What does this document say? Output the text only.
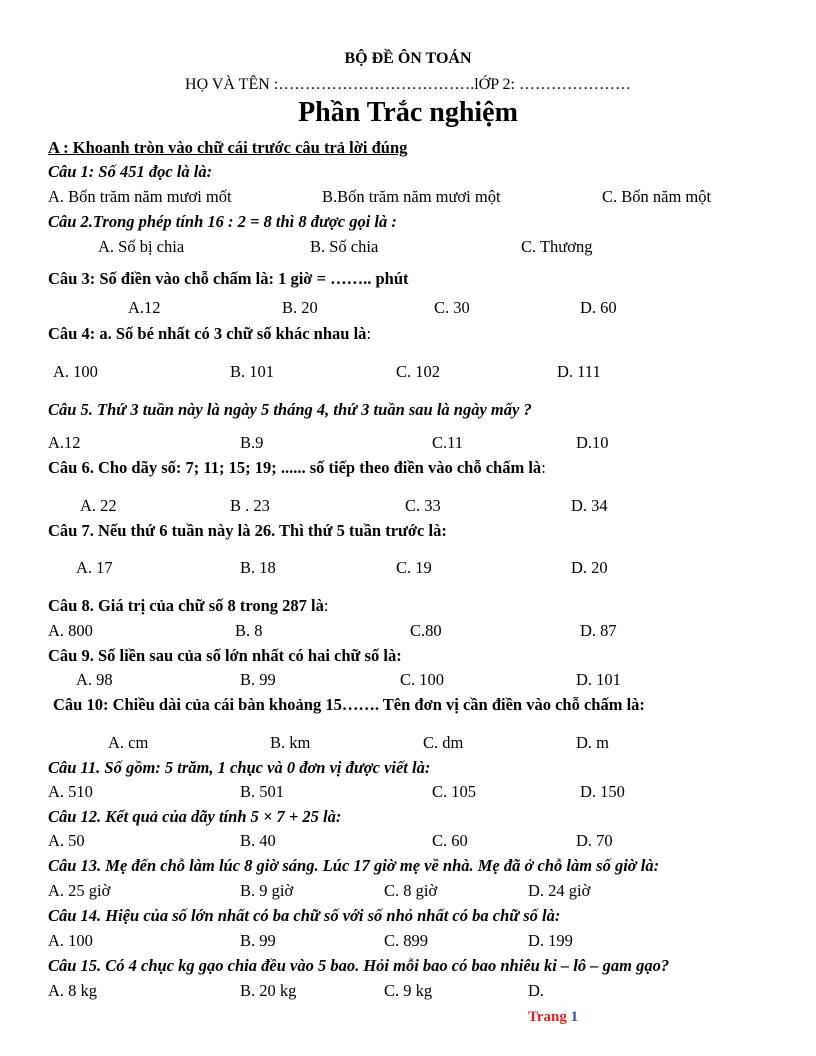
BỘ ĐỀ ÔN TOÁN
HỌ VÀ TÊN :……………………………….lỚP 2: …………………
Phần Trắc nghiệm
A : Khoanh tròn vào chữ cái trước câu trả lời đúng
Câu 1: Số 451 đọc là là:
A. Bốn trăm năm mươi mốt	B.Bốn trăm năm mươi một	C. Bốn năm một
Câu 2.Trong phép tính 16 : 2 = 8 thì 8 được gọi là :
A. Số bị chia	B. Số chia	C. Thương
Câu 3: Số điền vào chỗ chấm là: 1 giờ = …….. phút
A.12	B. 20	C. 30	D. 60
Câu 4: a. Số bé nhất có 3 chữ số khác nhau là:
A. 100	B. 101	C. 102	D. 111
Câu 5. Thứ 3 tuần này là ngày 5 tháng 4, thứ 3 tuần sau là ngày mấy ?
A.12	B.9	C.11	D.10
Câu 6. Cho dãy số: 7; 11; 15; 19; ...... số tiếp theo điền vào chỗ chấm là:
A. 22	B . 23	C. 33	D. 34
Câu 7. Nếu thứ 6 tuần này là 26. Thì thứ 5 tuần trước là:
A. 17	B. 18	C. 19	D. 20
Câu 8. Giá trị của chữ số 8 trong 287 là:
A. 800	B. 8	C.80	D. 87
Câu 9. Số liền sau của số lớn nhất có hai chữ số là:
A. 98	B. 99	C. 100	D. 101
Câu 10: Chiều dài của cái bàn khoảng 15……. Tên đơn vị cần điền vào chỗ chấm là:
A. cm	B. km	C. dm	D. m
Câu 11. Số gồm: 5 trăm, 1 chục và 0 đơn vị được viết là:
A. 510	B. 501	C. 105	D. 150
Câu 12. Kết quả của dãy tính 5 × 7 + 25 là:
A. 50	B. 40	C. 60	D. 70
Câu 13. Mẹ đến chỗ làm lúc 8 giờ sáng. Lúc 17 giờ mẹ về nhà. Mẹ đã ở chỗ làm số giờ là:
A. 25 giờ	B. 9 giờ	C. 8 giờ	D. 24 giờ
Câu 14. Hiệu của số lớn nhất có ba chữ số với số nhỏ nhất có ba chữ số là:
A. 100	B. 99	C. 899	D. 199
Câu 15. Có 4 chục kg gạo chia đều vào 5 bao. Hỏi mỗi bao có bao nhiêu ki – lô – gam gạo?
A. 8 kg	B. 20 kg	C. 9 kg	D.
Trang 1
